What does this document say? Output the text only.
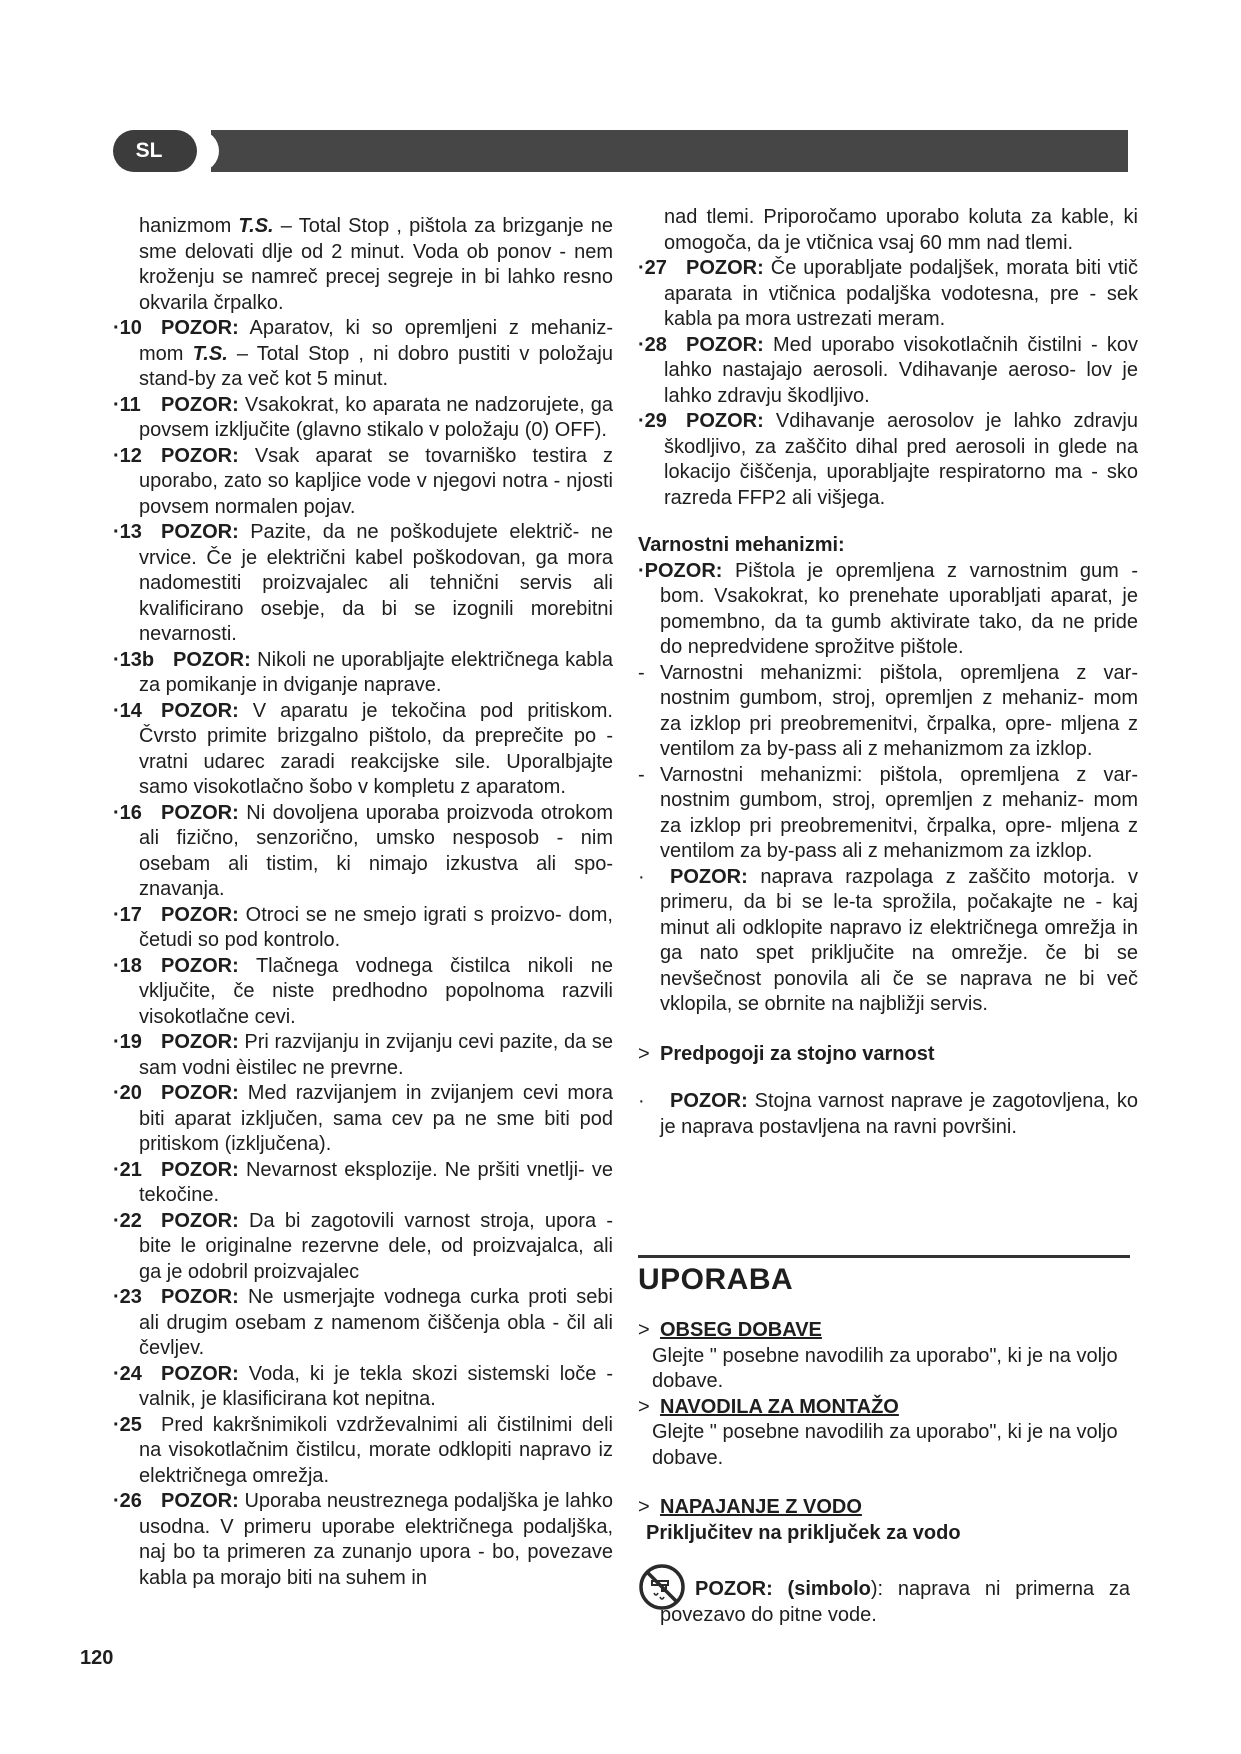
SL

hanizmom T.S. – Total Stop , pištola za brizganje ne sme delovati dlje od 2 minut. Voda ob ponov - nem kroženju se namreč precej segreje in bi lahko resno okvarila črpalko.

·10 POZOR: Aparatov, ki so opremljeni z mehaniz- mom T.S. – Total Stop , ni dobro pustiti v položaju stand-by za več kot 5 minut.

·11 POZOR: Vsakokrat, ko aparata ne nadzorujete, ga povsem izključite (glavno stikalo v položaju (0) OFF).

·12 POZOR: Vsak aparat se tovarniško testira z uporabo, zato so kapljice vode v njegovi notra - njosti povsem normalen pojav.

·13 POZOR: Pazite, da ne poškodujete električ- ne vrvice. Če je električni kabel poškodovan, ga mora nadomestiti proizvajalec ali tehnični servis ali kvalificirano osebje, da bi se izognili morebitni nevarnosti.

·13b POZOR: Nikoli ne uporabljajte električnega kabla za pomikanje in dviganje naprave.

·14 POZOR: V aparatu je tekočina pod pritiskom. Čvrsto primite brizgalno pištolo, da preprečite po - vratni udarec zaradi reakcijske sile. Uporalbjajte samo visokotlačno šobo v kompletu z aparatom.

·16 POZOR: Ni dovoljena uporaba proizvoda otrokom ali fizično, senzorično, umsko nesposob - nim osebam ali tistim, ki nimajo izkustva ali spo- znavanja.

·17 POZOR: Otroci se ne smejo igrati s proizvo- dom, četudi so pod kontrolo.

·18 POZOR: Tlačnega vodnega čistilca nikoli ne vključite, če niste predhodno popolnoma razvili visokotlačne cevi.

·19 POZOR: Pri razvijanju in zvijanju cevi pazite, da se sam vodni èistilec ne prevrne.

·20 POZOR: Med razvijanjem in zvijanjem cevi mora biti aparat izključen, sama cev pa ne sme biti pod pritiskom (izključena).

·21 POZOR: Nevarnost eksplozije. Ne pršiti vnetlji- ve tekočine.

·22 POZOR: Da bi zagotovili varnost stroja, upora - bite le originalne rezervne dele, od proizvajalca, ali ga je odobril proizvajalec

·23 POZOR: Ne usmerjajte vodnega curka proti sebi ali drugim osebam z namenom čiščenja obla - čil ali čevljev.

·24 POZOR: Voda, ki je tekla skozi sistemski loče - valnik, je klasificirana kot nepitna.

·25 Pred kakršnimikoli vzdrževalnimi ali čistilnimi deli na visokotlačnim čistilcu, morate odklopiti napravo iz električnega omrežja.

·26 POZOR: Uporaba neustreznega podaljška je lahko usodna. V primeru uporabe električnega podaljška, naj bo ta primeren za zunanjo upora - bo, povezave kabla pa morajo biti na suhem in

nad tlemi. Priporočamo uporabo koluta za kable, ki omogoča, da je vtičnica vsaj 60 mm nad tlemi.

·27 POZOR: Če uporabljate podaljšek, morata biti vtič aparata in vtičnica podaljška vodotesna, pre - sek kabla pa mora ustrezati meram.

·28 POZOR: Med uporabo visokotlačnih čistilni - kov lahko nastajajo aerosoli. Vdihavanje aeroso- lov je lahko zdravju škodljivo.

·29 POZOR: Vdihavanje aerosolov je lahko zdravju škodljivo, za zaščito dihal pred aerosoli in glede na lokacijo čiščenja, uporabljajte respiratorno ma - sko razreda FFP2 ali višjega.

Varnostni mehanizmi:

·POZOR: Pištola je opremljena z varnostnim gum - bom. Vsakokrat, ko prenehate uporabljati aparat, je pomembno, da ta gumb aktivirate tako, da ne pride do nepredvidene sprožitve pištole.

- Varnostni mehanizmi: pištola, opremljena z var- nostnim gumbom, stroj, opremljen z mehaniz- mom za izklop pri preobremenitvi, črpalka, opre- mljena z ventilom za by-pass ali z mehanizmom za izklop.

- Varnostni mehanizmi: pištola, opremljena z var- nostnim gumbom, stroj, opremljen z mehaniz- mom za izklop pri preobremenitvi, črpalka, opre- mljena z ventilom za by-pass ali z mehanizmom za izklop.

· POZOR: naprava razpolaga z zaščito motorja. v primeru, da bi se le-ta sprožila, počakajte ne - kaj minut ali odklopite napravo iz električnega omrežja in ga nato spet priključite na omrežje. če bi se nevšečnost ponovila ali če se naprava ne bi več vklopila, se obrnite na najbližji servis.

> Predpogoji za stojno varnost

· POZOR: Stojna varnost naprave je zagotovljena, ko je naprava postavljena na ravni površini.

UPORABA

> OBSEG DOBAVE

Glejte " posebne navodilih za uporabo", ki je na voljo dobave.

> NAVODILA ZA MONTAŽO

Glejte " posebne navodilih za uporabo", ki je na voljo dobave.

> NAPAJANJE Z VODO

Priključitev na priključek za vodo

POZOR: (simbolo): naprava ni primerna za povezavo do pitne vode.
120
